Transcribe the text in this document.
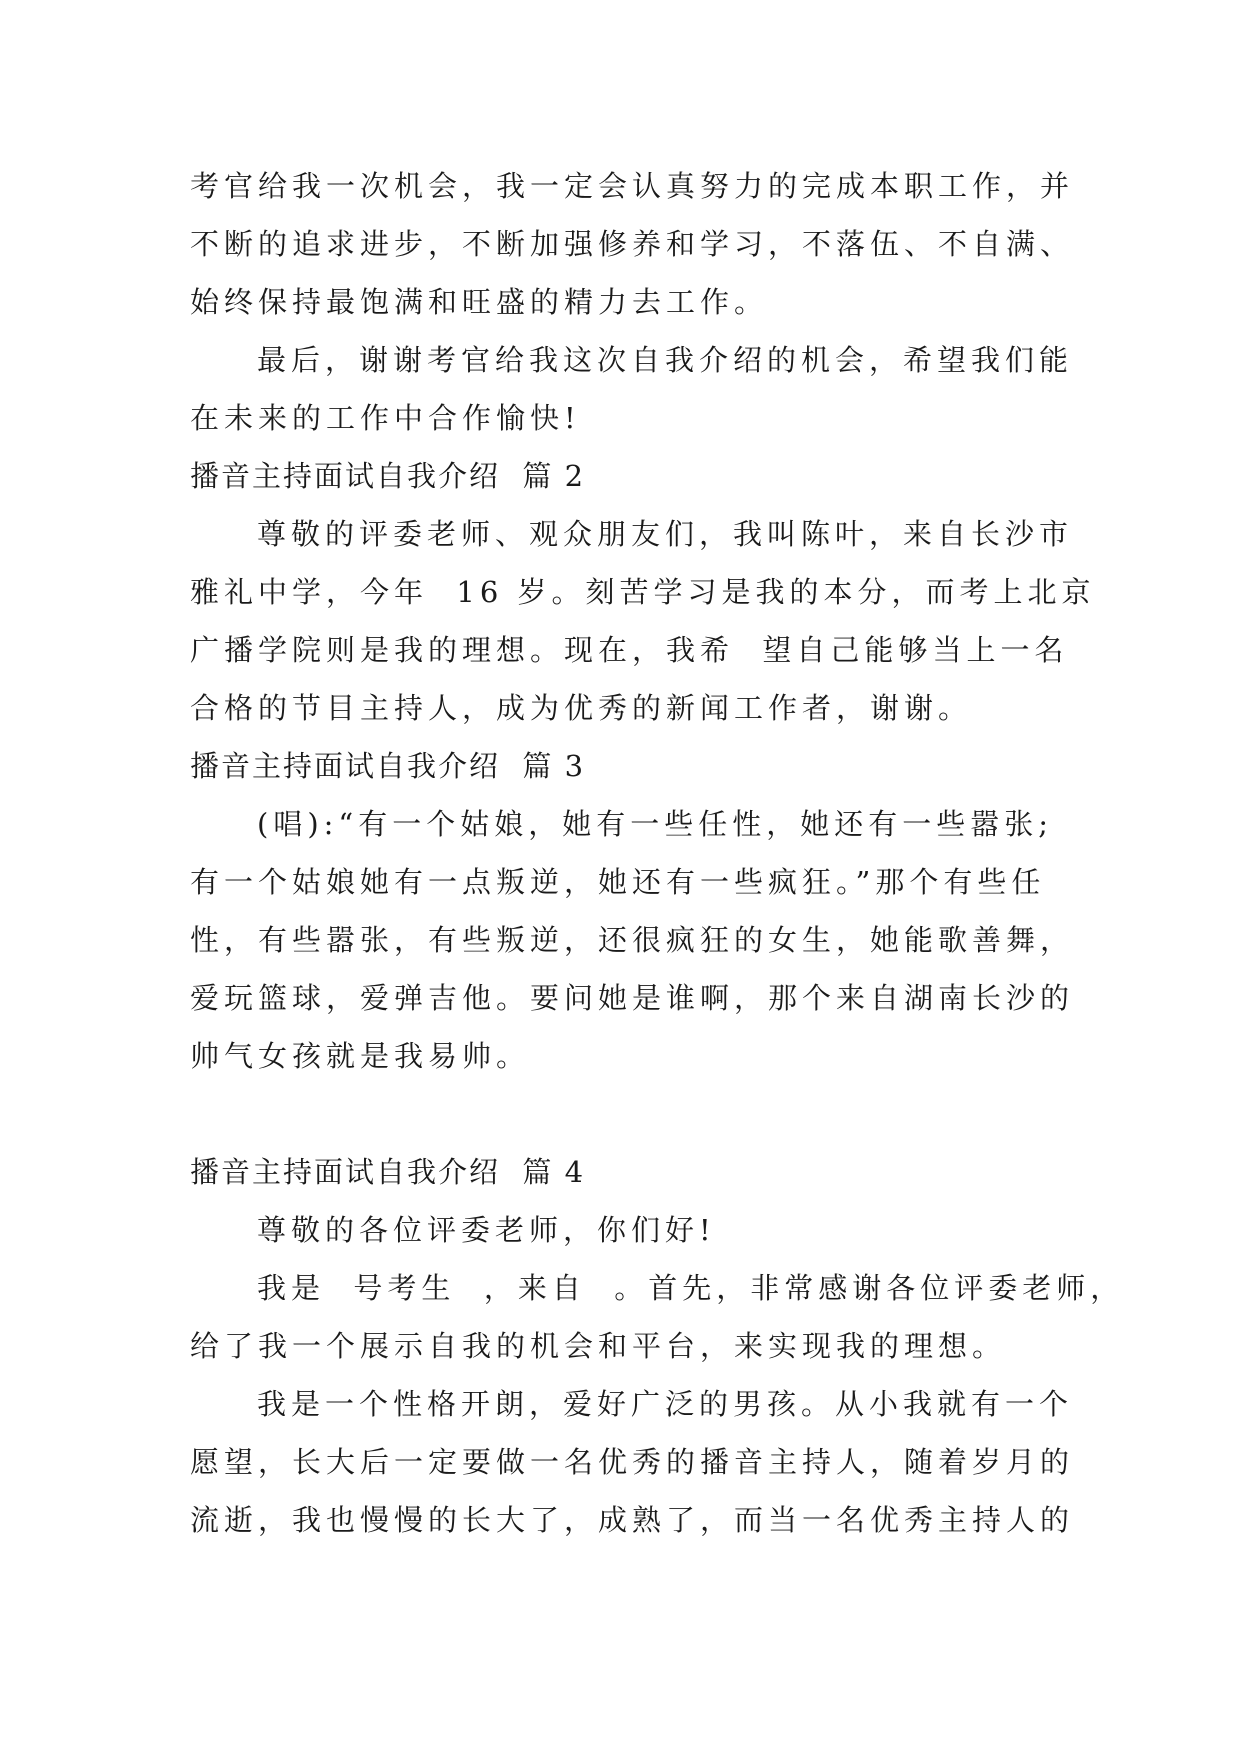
考官给我一次机会，我一定会认真努力的完成本职工作，并
不断的追求进步，不断加强修养和学习，不落伍、不自满、
始终保持最饱满和旺盛的精力去工作。
最后，谢谢考官给我这次自我介绍的机会，希望我们能
在未来的工作中合作愉快!
播音主持面试自我介绍  篇 2
尊敬的评委老师、观众朋友们，我叫陈叶，来自长沙市
雅礼中学，今年  16 岁。刻苦学习是我的本分，而考上北京
广播学院则是我的理想。现在，我希  望自己能够当上一名
合格的节目主持人，成为优秀的新闻工作者，谢谢。
播音主持面试自我介绍  篇 3
(唱):“有一个姑娘，她有一些任性，她还有一些嚣张;
有一个姑娘她有一点叛逆，她还有一些疯狂。”那个有些任
性，有些嚣张，有些叛逆，还很疯狂的女生，她能歌善舞，
爱玩篮球，爱弹吉他。要问她是谁啊，那个来自湖南长沙的
帅气女孩就是我易帅。
播音主持面试自我介绍  篇 4
尊敬的各位评委老师，你们好!
我是  号考生  ，来自  。首先，非常感谢各位评委老师，
给了我一个展示自我的机会和平台，来实现我的理想。
我是一个性格开朗，爱好广泛的男孩。从小我就有一个
愿望，长大后一定要做一名优秀的播音主持人，随着岁月的
流逝，我也慢慢的长大了，成熟了，而当一名优秀主持人的
